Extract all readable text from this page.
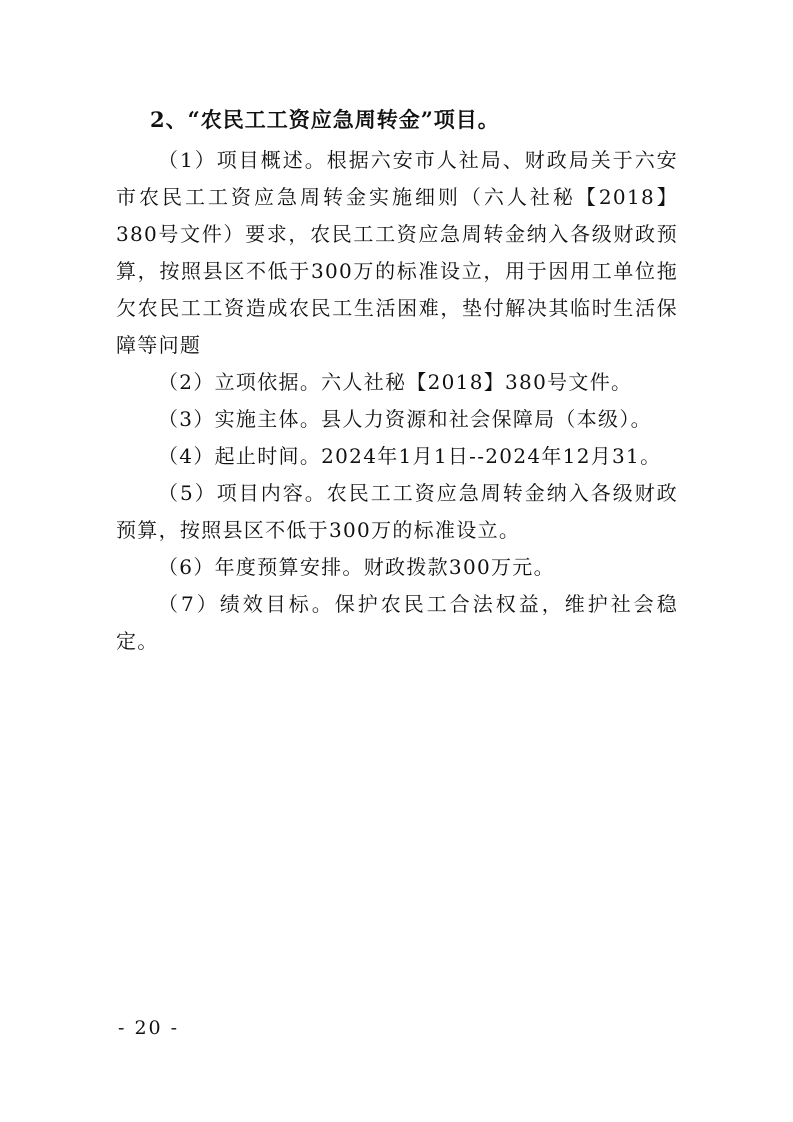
2、“农民工工资应急周转金”项目。

（1）项目概述。根据六安市人社局、财政局关于六安市农民工工资应急周转金实施细则（六人社秘【2018】380号文件）要求，农民工工资应急周转金纳入各级财政预算，按照县区不低于300万的标准设立，用于因用工单位拖欠农民工工资造成农民工生活困难，垫付解决其临时生活保障等问题

（2）立项依据。六人社秘【2018】380号文件。

（3）实施主体。县人力资源和社会保障局（本级）。

（4）起止时间。2024年1月1日--2024年12月31。

（5）项目内容。农民工工资应急周转金纳入各级财政预算，按照县区不低于300万的标准设立。

（6）年度预算安排。财政拨款300万元。

（7）绩效目标。保护农民工合法权益，维护社会稳定。

- 20 -
